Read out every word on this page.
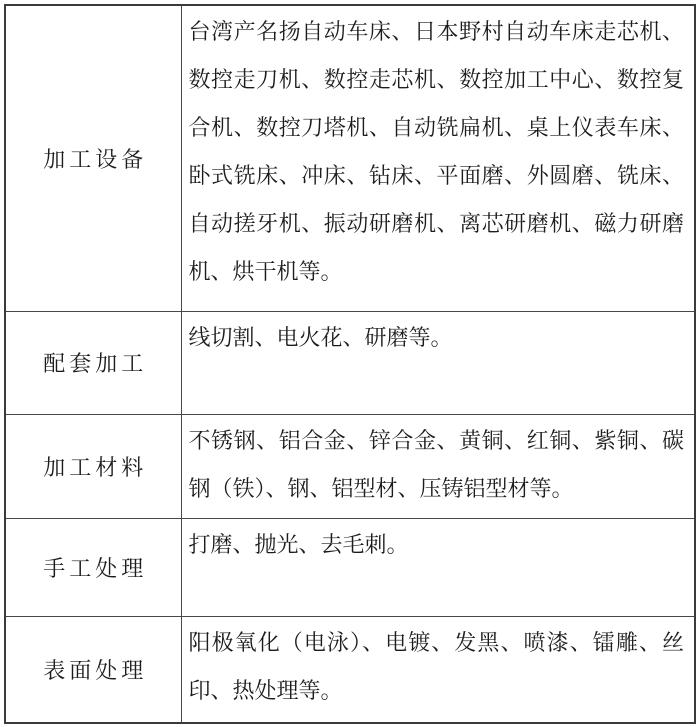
加工设备	台湾产名扬自动车床、日本野村自动车床走芯机、数控走刀机、数控走芯机、数控加工中心、数控复合机、数控刀塔机、自动铣扁机、桌上仪表车床、卧式铣床、冲床、钻床、平面磨、外圆磨、铣床、自动搓牙机、振动研磨机、离芯研磨机、磁力研磨机、烘干机等。
配套加工	线切割、电火花、研磨等。
加工材料	不锈钢、铝合金、锌合金、黄铜、红铜、紫铜、碳钢（铁）、钢、铝型材、压铸铝型材等。
手工处理	打磨、抛光、去毛刺。
表面处理	阳极氧化（电泳）、电镀、发黑、喷漆、镭雕、丝印、热处理等。
